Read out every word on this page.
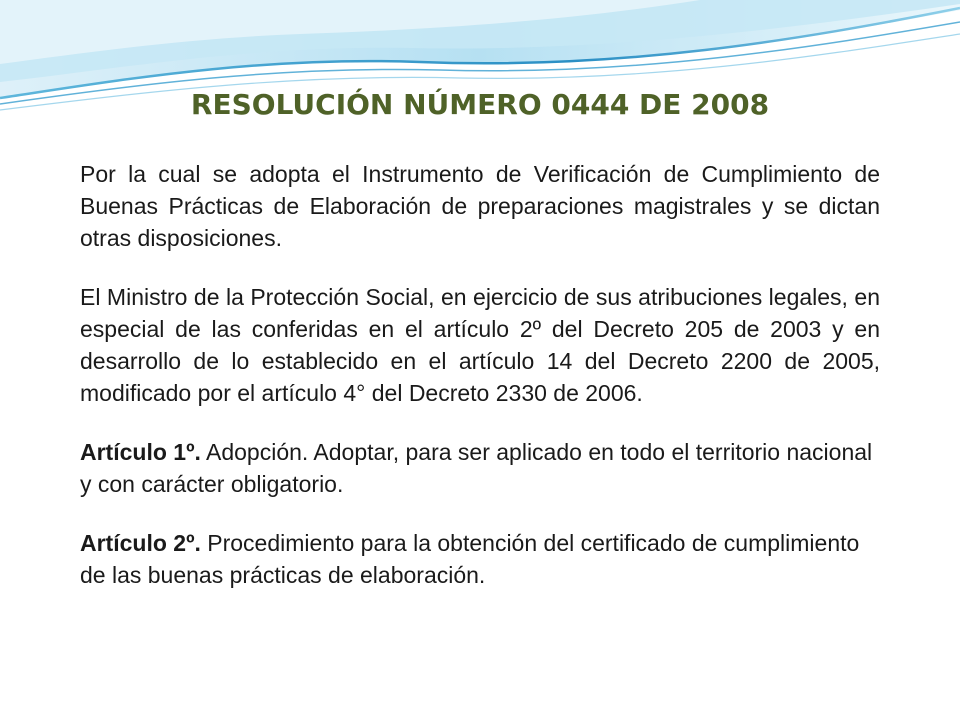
RESOLUCIÓN NÚMERO 0444 DE 2008

Por la cual se adopta el Instrumento de Verificación de Cumplimiento de Buenas Prácticas de Elaboración de preparaciones magistrales y se dictan otras disposiciones.

El Ministro de la Protección Social, en ejercicio de sus atribuciones legales, en especial de las conferidas en el artículo 2º del Decreto 205 de 2003 y en desarrollo de lo establecido en el artículo 14 del Decreto 2200 de 2005, modificado por el artículo 4° del Decreto 2330 de 2006.

Artículo 1º. Adopción. Adoptar, para ser aplicado en todo el territorio nacional y con carácter obligatorio.

Artículo 2º. Procedimiento para la obtención del certificado de cumplimiento de las buenas prácticas de elaboración.
